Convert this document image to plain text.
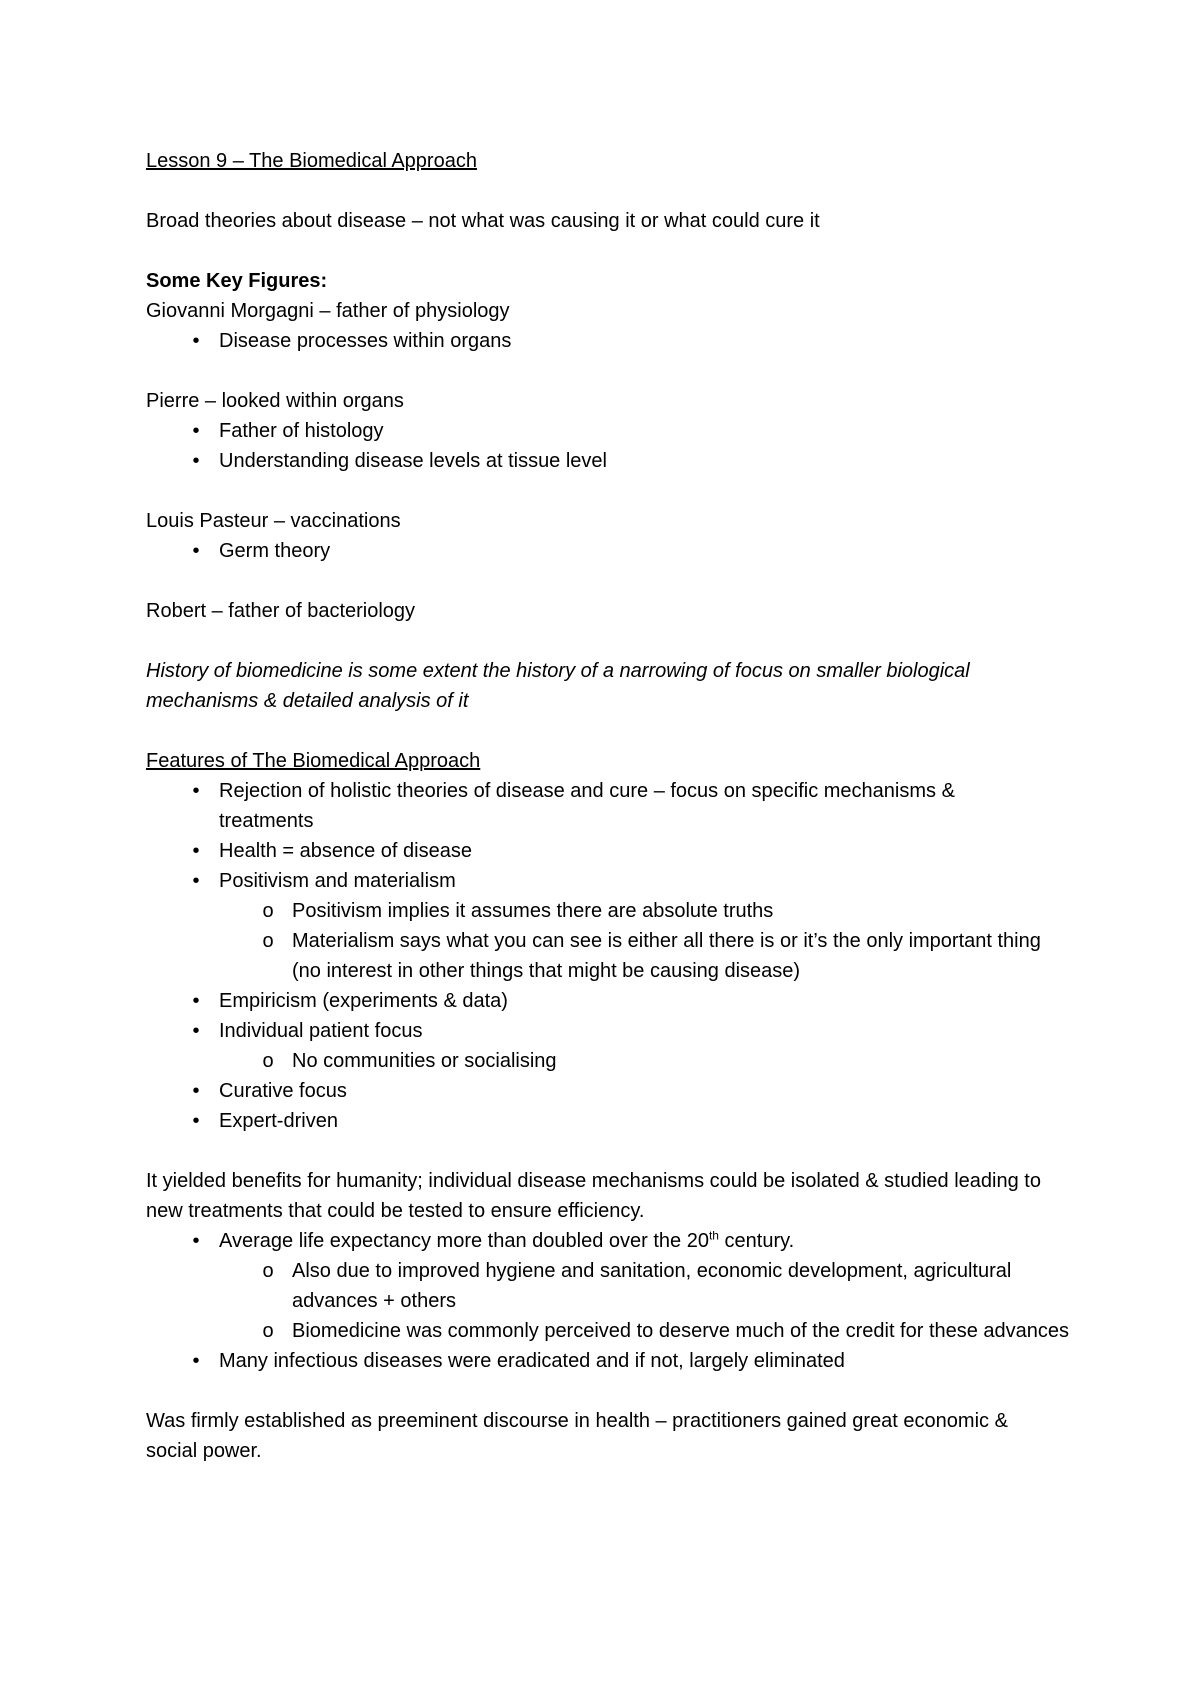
Lesson 9 – The Biomedical Approach

Broad theories about disease – not what was causing it or what could cure it

Some Key Figures:

Giovanni Morgagni – father of physiology

• Disease processes within organs

Pierre – looked within organs

• Father of histology
• Understanding disease levels at tissue level

Louis Pasteur – vaccinations

• Germ theory

Robert – father of bacteriology

History of biomedicine is some extent the history of a narrowing of focus on smaller biological mechanisms & detailed analysis of it

Features of The Biomedical Approach

• Rejection of holistic theories of disease and cure – focus on specific mechanisms & treatments
• Health = absence of disease
• Positivism and materialism
o Positivism implies it assumes there are absolute truths
o Materialism says what you can see is either all there is or it’s the only important thing (no interest in other things that might be causing disease)
• Empiricism (experiments & data)
• Individual patient focus
o No communities or socialising
• Curative focus
• Expert-driven

It yielded benefits for humanity; individual disease mechanisms could be isolated & studied leading to new treatments that could be tested to ensure efficiency.

• Average life expectancy more than doubled over the 20th century.
o Also due to improved hygiene and sanitation, economic development, agricultural advances + others
o Biomedicine was commonly perceived to deserve much of the credit for these advances
• Many infectious diseases were eradicated and if not, largely eliminated

Was firmly established as preeminent discourse in health – practitioners gained great economic & social power.
